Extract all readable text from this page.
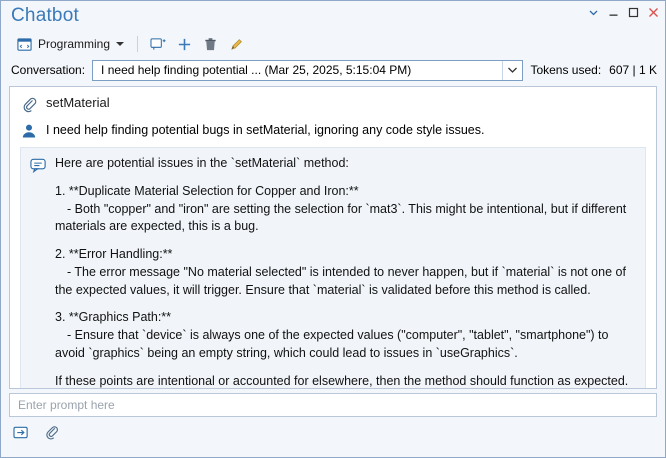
Chatbot
Programming
Conversation:	I need help finding potential ... (Mar 25, 2025, 5:15:04 PM)	Tokens used: 607 | 1 K
setMaterial
I need help finding potential bugs in setMaterial, ignoring any code style issues.

Here are potential issues in the `setMaterial` method:

1. **Duplicate Material Selection for Copper and Iron:**
- Both "copper" and "iron" are setting the selection for `mat3`. This might be intentional, but if different materials are expected, this is a bug.

2. **Error Handling:**
- The error message "No material selected" is intended to never happen, but if `material` is not one of the expected values, it will trigger. Ensure that `material` is validated before this method is called.

3. **Graphics Path:**
- Ensure that `device` is always one of the expected values ("computer", "tablet", "smartphone") to avoid `graphics` being an empty string, which could lead to issues in `useGraphics`.

If these points are intentional or accounted for elsewhere, then the method should function as expected.

Enter prompt here
